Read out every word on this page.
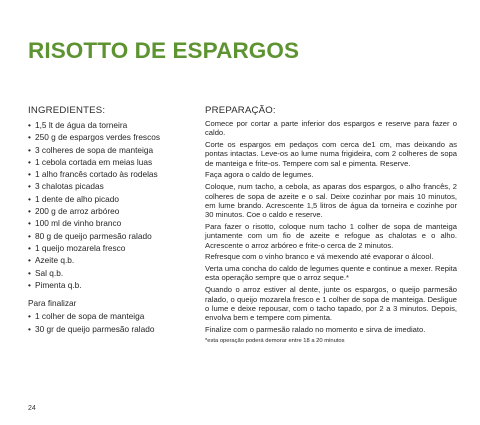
RISOTTO DE ESPARGOS
INGREDIENTES:
• 1,5 lt de água da torneira
• 250 g de espargos verdes frescos
• 3 colheres de sopa de manteiga
• 1 cebola cortada em meias luas
• 1 alho francês cortado às rodelas
• 3 chalotas picadas
• 1 dente de alho picado
• 200 g de arroz arbóreo
• 100 ml de vinho branco
• 80 g de queijo parmesão ralado
• 1 queijo mozarela fresco
• Azeite q.b.
• Sal q.b.
• Pimenta q.b.
Para finalizar
• 1 colher de sopa de manteiga
• 30 gr de queijo parmesão ralado
PREPARAÇÃO:

Comece por cortar a parte inferior dos espargos e reserve para fazer o caldo.

Corte os espargos em pedaços com cerca de1 cm, mas deixando as pontas intactas. Leve-os ao lume numa frigideira, com 2 colheres de sopa de manteiga e frite-os. Tempere com sal e pimenta. Reserve.

Faça agora o caldo de legumes.

Coloque, num tacho, a cebola, as aparas dos espargos, o alho francês, 2 colheres de sopa de azeite e o sal. Deixe cozinhar por mais 10 minutos, em lume brando. Acrescente 1,5 litros de água da torneira e cozinhe por 30 minutos. Coe o caldo e reserve.

Para fazer o risotto, coloque num tacho 1 colher de sopa de manteiga juntamente com um fio de azeite e refogue as chalotas e o alho. Acrescente o arroz arbóreo e frite-o cerca de 2 minutos.

Refresque com o vinho branco e vá mexendo até evaporar o álcool.

Verta uma concha do caldo de legumes quente e continue a mexer. Repita esta operação sempre que o arroz seque.*

Quando o arroz estiver al dente, junte os espargos, o queijo parmesão ralado, o queijo mozarela fresco e 1 colher de sopa de manteiga. Desligue o lume e deixe repousar, com o tacho tapado, por 2 a 3 minutos. Depois, envolva bem e tempere com pimenta.

Finalize com o parmesão ralado no momento e sirva de imediato.

*esta operação poderá demorar entre 18 a 20 minutos

24
